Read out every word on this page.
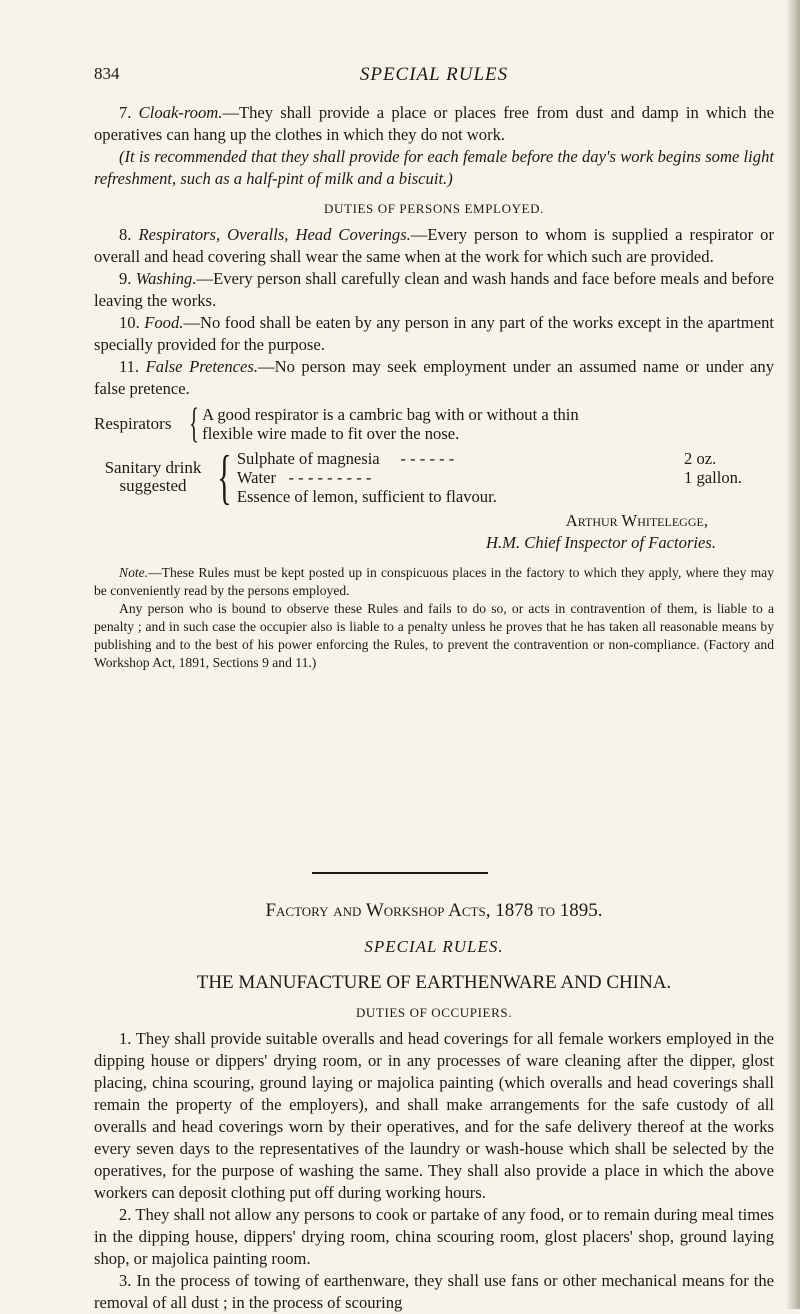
834	SPECIAL RULES

7. Cloak-room.—They shall provide a place or places free from dust and damp in which the operatives can hang up the clothes in which they do not work.

(It is recommended that they shall provide for each female before the day's work begins some light refreshment, such as a half-pint of milk and a biscuit.)

DUTIES OF PERSONS EMPLOYED.

8. Respirators, Overalls, Head Coverings.—Every person to whom is supplied a respirator or overall and head covering shall wear the same when at the work for which such are provided.

9. Washing.—Every person shall carefully clean and wash hands and face before meals and before leaving the works.

10. Food.—No food shall be eaten by any person in any part of the works except in the apartment specially provided for the purpose.

11. False Pretences.—No person may seek employment under an assumed name or under any false pretence.

Respirators { A good respirator is a cambric bag with or without a thin
flexible wire made to fit over the nose.
Sanitary drink
suggested { Sulphate of magnesia - - - - - -	2 oz.
Water - - - - - - - - -	1 gallon.
Essence of lemon, sufficient to flavour.

Arthur Whitelegge,

H.M. Chief Inspector of Factories.

Note.—These Rules must be kept posted up in conspicuous places in the factory to which they apply, where they may be conveniently read by the persons employed.

Any person who is bound to observe these Rules and fails to do so, or acts in contravention of them, is liable to a penalty ; and in such case the occupier also is liable to a penalty unless he proves that he has taken all reasonable means by publishing and to the best of his power enforcing the Rules, to prevent the contravention or non-compliance. (Factory and Workshop Act, 1891, Sections 9 and 11.)

Factory and Workshop Acts, 1878 to 1895.

SPECIAL RULES.

THE MANUFACTURE OF EARTHENWARE AND CHINA.

DUTIES OF OCCUPIERS.

1. They shall provide suitable overalls and head coverings for all female workers employed in the dipping house or dippers' drying room, or in any processes of ware cleaning after the dipper, glost placing, china scouring, ground laying or majolica painting (which overalls and head coverings shall remain the property of the employers), and shall make arrangements for the safe custody of all overalls and head coverings worn by their operatives, and for the safe delivery thereof at the works every seven days to the representatives of the laundry or wash-house which shall be selected by the operatives, for the purpose of washing the same. They shall also provide a place in which the above workers can deposit clothing put off during working hours.

2. They shall not allow any persons to cook or partake of any food, or to remain during meal times in the dipping house, dippers' drying room, china scouring room, glost placers' shop, ground laying shop, or majolica painting room.

3. In the process of towing of earthenware, they shall use fans or other mechanical means for the removal of all dust ; in the process of scouring
